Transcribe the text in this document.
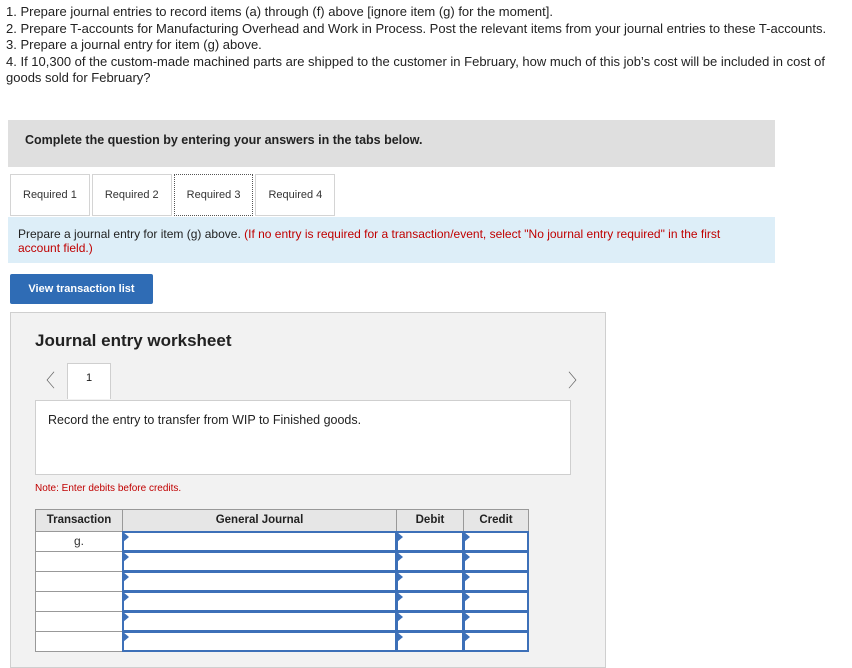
1. Prepare journal entries to record items (a) through (f) above [ignore item (g) for the moment].

2. Prepare T-accounts for Manufacturing Overhead and Work in Process. Post the relevant items from your journal entries to these T-accounts.

3. Prepare a journal entry for item (g) above.

4. If 10,300 of the custom-made machined parts are shipped to the customer in February, how much of this job’s cost will be included in cost of goods sold for February?

Complete the question by entering your answers in the tabs below.
Required 1	Required 2	Required 3	Required 4
Prepare a journal entry for item (g) above. (If no entry is required for a transaction/event, select "No journal entry required" in the first account field.)
View transaction list
Journal entry worksheet
〈	1	〉
Record the entry to transfer from WIP to Finished goods.
Note: Enter debits before credits.
Transaction	General Journal	Debit	Credit
g.
